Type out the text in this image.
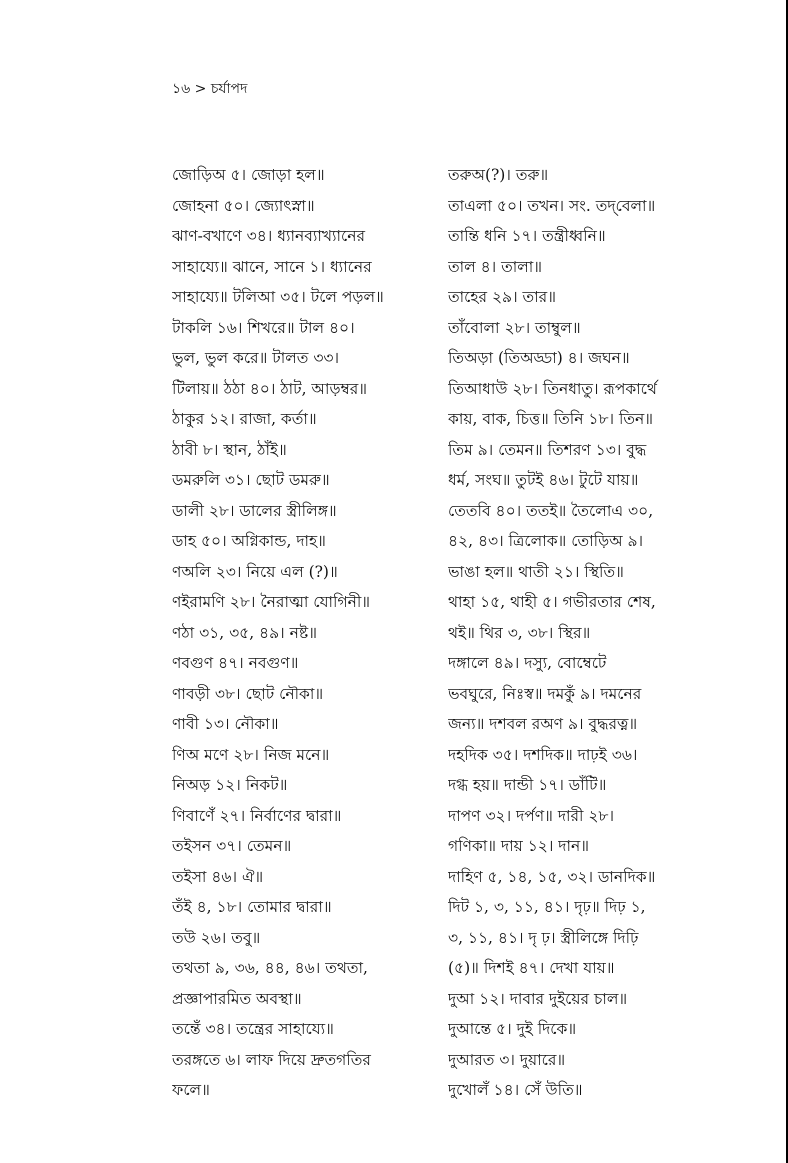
১৬ > চর্যাপদ
জোড়িঅ ৫। জোড়া হল॥
জোহনা ৫০। জ্যোৎস্না॥
ঝাণ-বখাণে ৩৪। ধ্যানব্যাখ্যানের
সাহায্যে॥ ঝানে, সানে ১। ধ্যানের
সাহায্যে॥ টলিআ ৩৫। টলে পড়ল॥
টাকলি ১৬। শিখরে॥ টাল ৪০।
ভুল, ভুল করে॥ টালত ৩৩।
টিলায়॥ ঠঠা ৪০। ঠাট, আড়ম্বর॥
ঠাকুর ১২। রাজা, কর্তা॥
ঠাবী ৮। স্থান, ঠাঁই॥
ডমরুলি ৩১। ছোট ডমরু॥
ডালী ২৮। ডালের স্ত্রীলিঙ্গ॥
ডাহ ৫০। অগ্নিকান্ড, দাহ॥
ণঅলি ২৩। নিয়ে এল (?)॥
ণইরামণি ২৮। নৈরাত্মা যোগিনী॥
ণঠা ৩১, ৩৫, ৪৯। নষ্ট॥
ণবগুণ ৪৭। নবগুণ॥
ণাবড়ী ৩৮। ছোট নৌকা॥
ণাবী ১৩। নৌকা॥
ণিঅ মণে ২৮। নিজ মনে॥
নিঅড় ১২। নিকট॥
ণিবাণেঁ ২৭। নির্বাণের দ্বারা॥
তইসন ৩৭। তেমন॥
তইসা ৪৬। ঐ॥
তঁই ৪, ১৮। তোমার দ্বারা॥
তউ ২৬। তবু॥
তথতা ৯, ৩৬, ৪৪, ৪৬। তথতা,
প্রজ্ঞাপারমিত অবস্থা॥
তন্তেঁ ৩৪। তন্ত্রের সাহায্যে॥
তরঙ্গতে ৬। লাফ দিয়ে দ্রুতগতির
ফলে॥
তরুঅ(?)। তরু॥
তাএলা ৫০। তখন। সং. তদ্‌বেলা॥
তান্তি ধনি ১৭। তন্ত্রীধ্বনি॥
তাল ৪। তালা॥
তাহের ২৯। তার॥
তাঁবোলা ২৮। তাম্বুল॥
তিঅড়া (তিঅড্ডা) ৪। জঘন॥
তিআধাউ ২৮। তিনধাতু। রূপকার্থে
কায়, বাক, চিত্ত॥ তিনি ১৮। তিন॥
তিম ৯। তেমন॥ তিশরণ ১৩। বুদ্ধ
ধর্ম, সংঘ॥ তুটই ৪৬। টুটে যায়॥
তেতবি ৪০। ততই॥ তৈলোএ ৩০,
৪২, ৪৩। ত্রিলোক॥ তোড়িঅ ৯।
ভাঙা হল॥ থাতী ২১। স্থিতি॥
থাহা ১৫, থাহী ৫। গভীরতার শেষ,
থই॥ থির ৩, ৩৮। স্থির॥
দঙ্গালে ৪৯। দস্যু, বোম্বেটে
ভবঘুরে, নিঃস্ব॥ দমকুঁ ৯। দমনের
জন্য॥ দশবল রঅণ ৯। বুদ্ধরত্ন॥
দহদিক ৩৫। দশদিক॥ দাঢ়ই ৩৬।
দগ্ধ হয়॥ দান্ডী ১৭। ডাঁটি॥
দাপণ ৩২। দর্পণ॥ দারী ২৮।
গণিকা॥ দায় ১২। দান॥
দাহিণ ৫, ১৪, ১৫, ৩২। ডানদিক॥
দিট ১, ৩, ১১, ৪১। দৃঢ়॥ দিঢ় ১,
৩, ১১, ৪১। দৃ ঢ়। স্ত্রীলিঙ্গে দিঢ়ি
(৫)॥ দিশই ৪৭। দেখা যায়॥
দুআ ১২। দাবার দুইয়ের চাল॥
দুআন্তে ৫। দুই দিকে॥
দুআরত ৩। দুয়ারে॥
দুখোলঁ ১৪। সেঁ উতি॥
